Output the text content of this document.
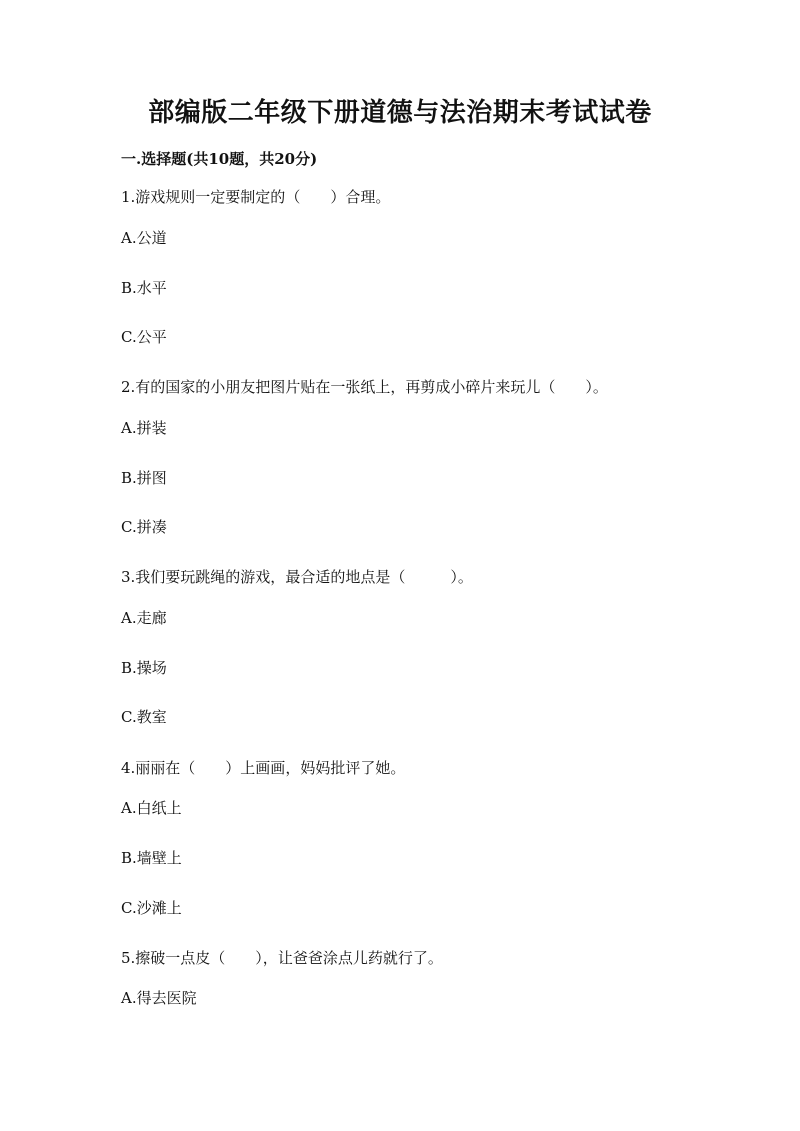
部编版二年级下册道德与法治期末考试试卷
一.选择题(共10题，共20分)
1.游戏规则一定要制定的（　　）合理。
A.公道
B.水平
C.公平
2.有的国家的小朋友把图片贴在一张纸上，再剪成小碎片来玩儿（　　）。
A.拼装
B.拼图
C.拼凑
3.我们要玩跳绳的游戏，最合适的地点是（　　　）。
A.走廊
B.操场
C.教室
4.丽丽在（　　）上画画，妈妈批评了她。
A.白纸上
B.墙壁上
C.沙滩上
5.擦破一点皮（　　），让爸爸涂点儿药就行了。
A.得去医院
